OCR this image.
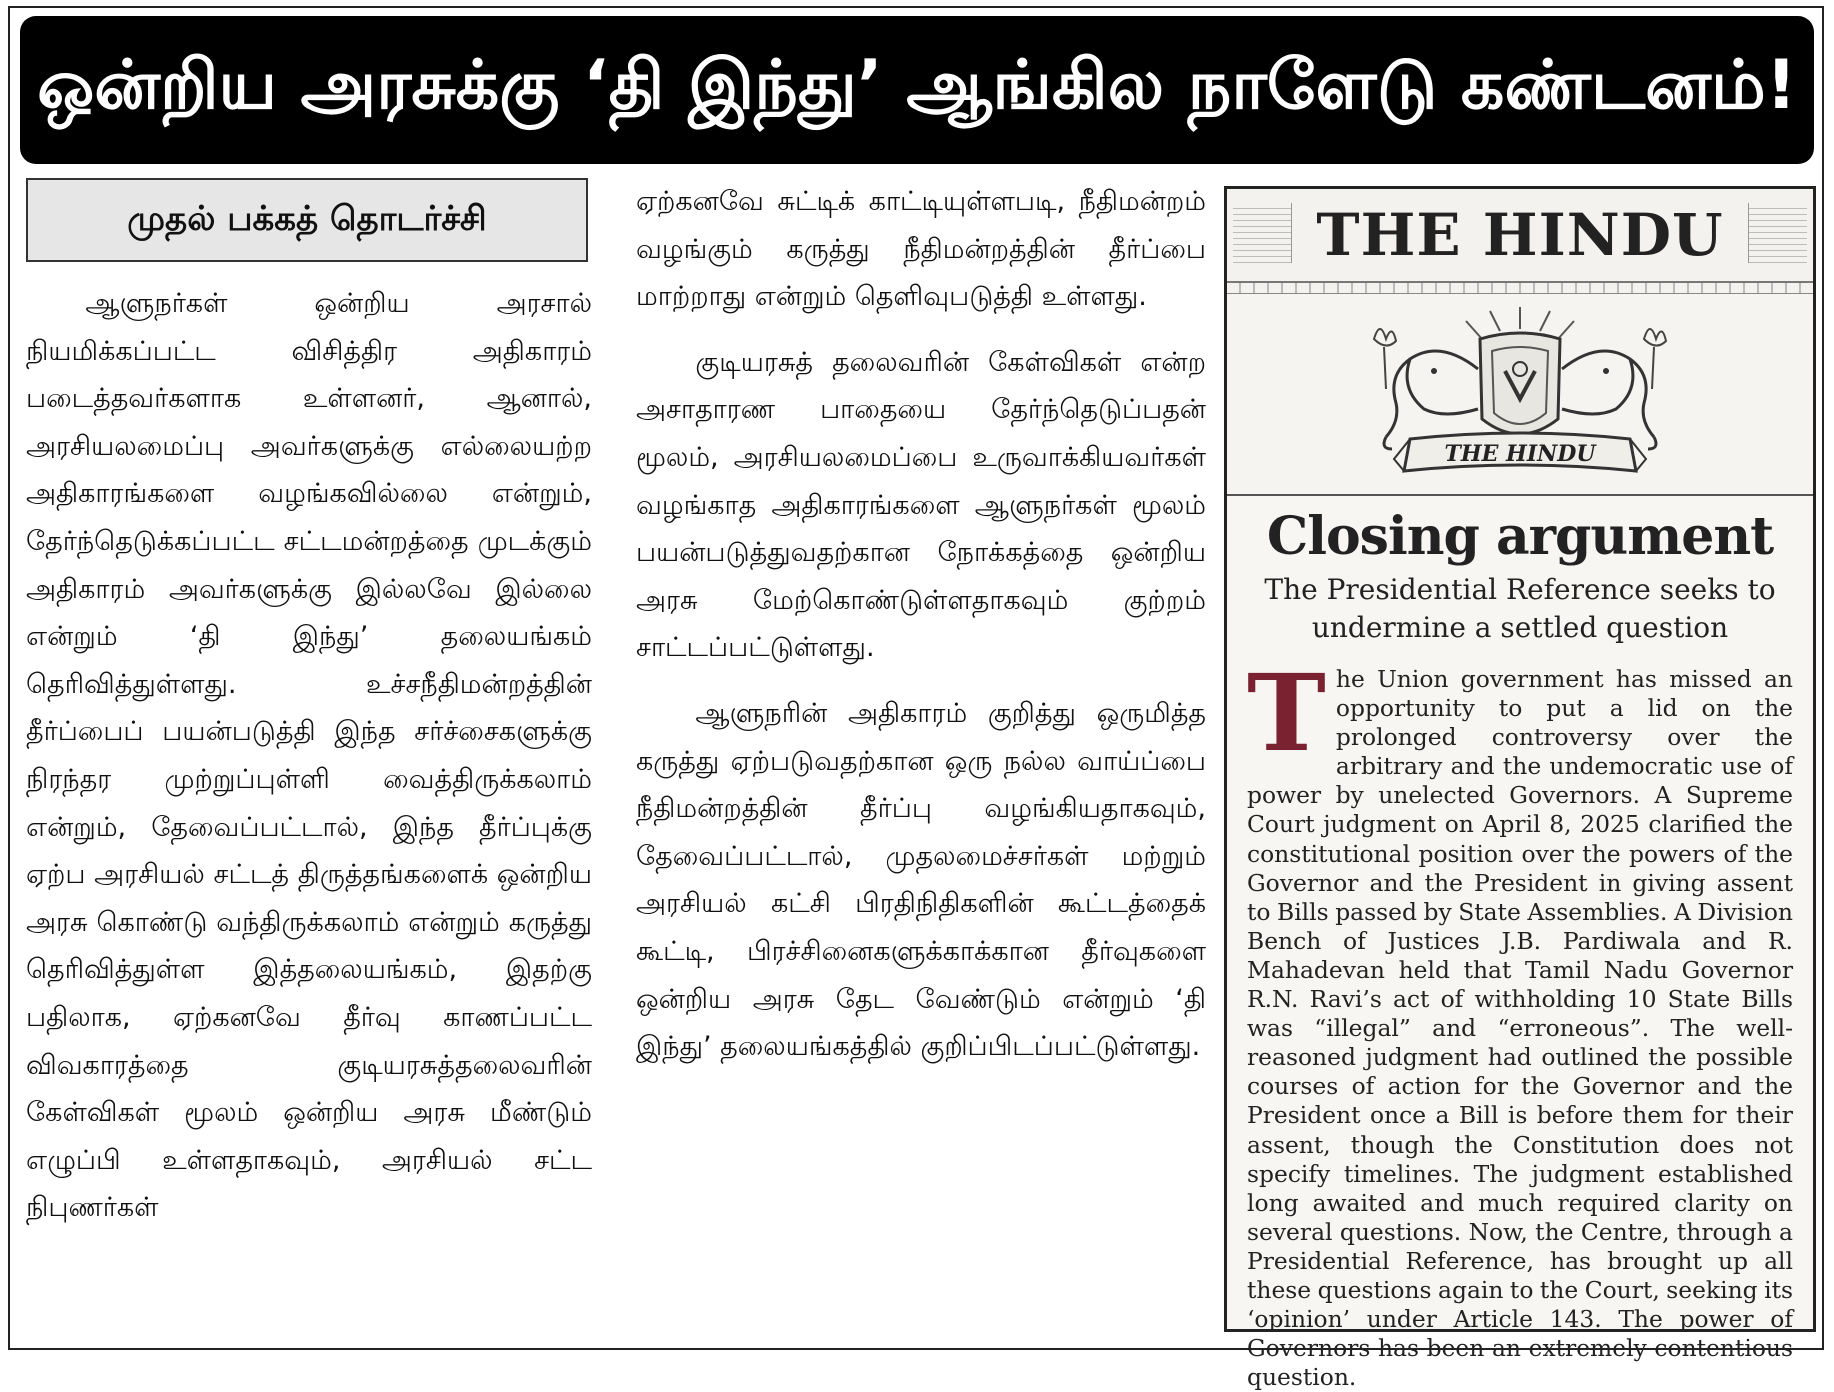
ஒன்றிய அரசுக்கு ‘தி இந்து’ ஆங்கில நாளேடு கண்டனம்!
முதல் பக்கத் தொடர்ச்சி

ஆளுநர்கள் ஒன்றிய அரசால் நியமிக்கப்பட்ட விசித்திர அதிகாரம் படைத்தவர்களாக உள்ளனர், ஆனால், அரசியலமைப்பு அவர்களுக்கு எல்லையற்ற அதிகாரங்களை வழங்கவில்லை என்றும், தேர்ந்தெடுக்கப்பட்ட சட்டமன்றத்தை முடக்கும் அதிகாரம் அவர்களுக்கு இல்லவே இல்லை என்றும் ‘தி இந்து’ தலையங்கம் தெரிவித்துள்ளது. உச்சநீதிமன்றத்தின் தீர்ப்பைப் பயன்படுத்தி இந்த சர்ச்சைகளுக்கு நிரந்தர முற்றுப்புள்ளி வைத்திருக்கலாம் என்றும், தேவைப்பட்டால், இந்த தீர்ப்புக்கு ஏற்ப அரசியல் சட்டத் திருத்தங்களைக் ஒன்றிய அரசு கொண்டு வந்திருக்கலாம் என்றும் கருத்து தெரிவித்துள்ள இத்தலையங்கம், இதற்கு பதிலாக, ஏற்கனவே தீர்வு காணப்பட்ட விவகாரத்தை குடியரசுத்தலைவரின் கேள்விகள் மூலம் ஒன்றிய அரசு மீண்டும் எழுப்பி உள்ளதாகவும், அரசியல் சட்ட நிபுணர்கள்

ஏற்கனவே சுட்டிக் காட்டியுள்ளபடி, நீதிமன்றம் வழங்கும் கருத்து நீதிமன்றத்தின் தீர்ப்பை மாற்றாது என்றும் தெளிவுபடுத்தி உள்ளது.

குடியரசுத் தலைவரின் கேள்விகள் என்ற அசாதாரண பாதையை தேர்ந்தெடுப்பதன் மூலம், அரசியலமைப்பை உருவாக்கியவர்கள் வழங்காத அதிகாரங்களை ஆளுநர்கள் மூலம் பயன்படுத்துவதற்கான நோக்கத்தை ஒன்றிய அரசு மேற்கொண்டுள்ளதாகவும் குற்றம் சாட்டப்பட்டுள்ளது.

ஆளுநரின் அதிகாரம் குறித்து ஒருமித்த கருத்து ஏற்படுவதற்கான ஒரு நல்ல வாய்ப்பை நீதிமன்றத்தின் தீர்ப்பு வழங்கியதாகவும், தேவைப்பட்டால், முதலமைச்சர்கள் மற்றும் அரசியல் கட்சி பிரதிநிதிகளின் கூட்டத்தைக் கூட்டி, பிரச்சினைகளுக்காக்கான தீர்வுகளை ஒன்றிய அரசு தேட வேண்டும் என்றும் ‘தி இந்து’ தலையங்கத்தில் குறிப்பிடப்பட்டுள்ளது.

THE HINDU
THE HINDU
Closing argument
The Presidential Reference seeks to undermine a settled question

The Union government has missed an opportunity to put a lid on the prolonged controversy over the arbitrary and the undemocratic use of power by unelected Governors. A Supreme Court judgment on April 8, 2025 clarified the constitutional position over the powers of the Governor and the President in giving assent to Bills passed by State Assemblies. A Division Bench of Justices J.B. Pardiwala and R. Mahadevan held that Tamil Nadu Governor R.N. Ravi’s act of withholding 10 State Bills was “illegal” and “erroneous”. The well-reasoned judgment had outlined the possible courses of action for the Governor and the President once a Bill is before them for their assent, though the Constitution does not specify timelines. The judgment established long awaited and much required clarity on several questions. Now, the Centre, through a Presidential Reference, has brought up all these questions again to the Court, seeking its ‘opinion’ under Article 143. The power of Governors has been an extremely contentious question.
